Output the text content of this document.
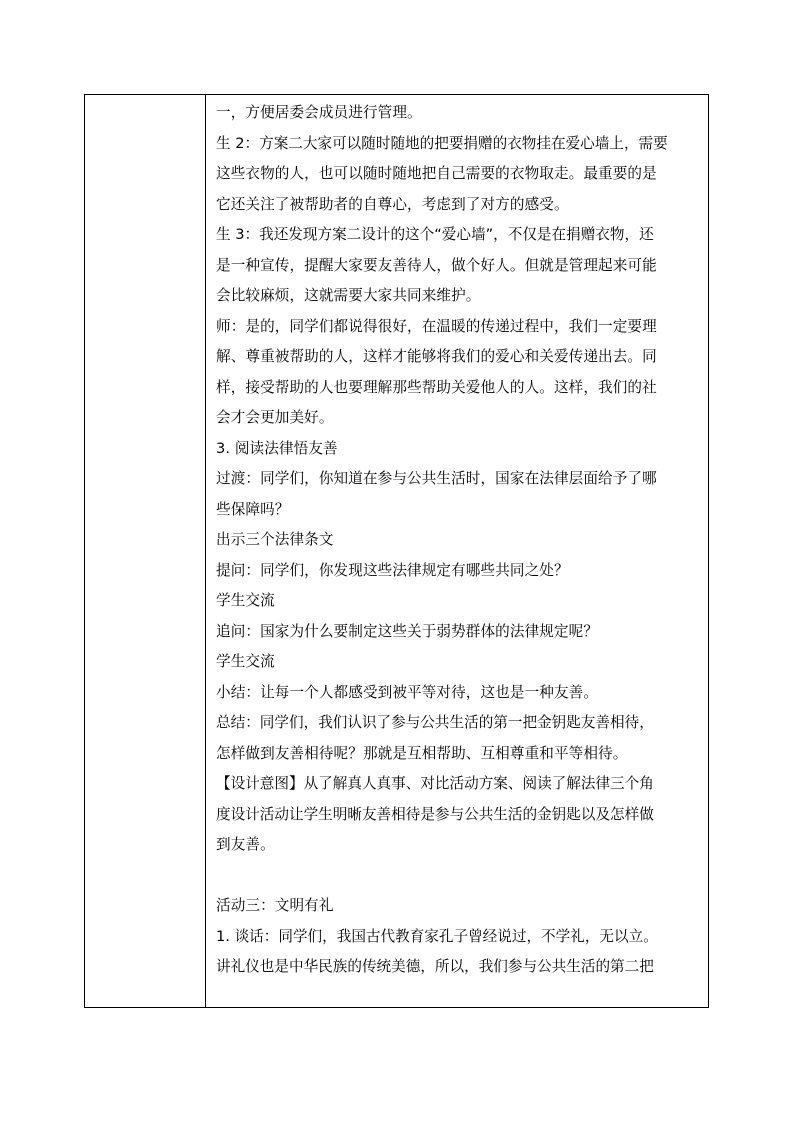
一，方便居委会成员进行管理。
生 2：方案二大家可以随时随地的把要捐赠的衣物挂在爱心墙上，需要
这些衣物的人，也可以随时随地把自己需要的衣物取走。最重要的是
它还关注了被帮助者的自尊心，考虑到了对方的感受。
生 3：我还发现方案二设计的这个“爱心墙”，不仅是在捐赠衣物，还
是一种宣传，提醒大家要友善待人，做个好人。但就是管理起来可能
会比较麻烦，这就需要大家共同来维护。
师：是的，同学们都说得很好，在温暖的传递过程中，我们一定要理
解、尊重被帮助的人，这样才能够将我们的爱心和关爱传递出去。同
样，接受帮助的人也要理解那些帮助关爱他人的人。这样，我们的社
会才会更加美好。
3. 阅读法律悟友善
过渡：同学们，你知道在参与公共生活时，国家在法律层面给予了哪
些保障吗？
出示三个法律条文
提问：同学们，你发现这些法律规定有哪些共同之处？
学生交流
追问：国家为什么要制定这些关于弱势群体的法律规定呢？
学生交流
小结：让每一个人都感受到被平等对待，这也是一种友善。
总结：同学们，我们认识了参与公共生活的第一把金钥匙友善相待，
怎样做到友善相待呢？那就是互相帮助、互相尊重和平等相待。
【设计意图】从了解真人真事、对比活动方案、阅读了解法律三个角
度设计活动让学生明晰友善相待是参与公共生活的金钥匙以及怎样做
到友善。
活动三：文明有礼
1. 谈话：同学们，我国古代教育家孔子曾经说过，不学礼，无以立。
讲礼仪也是中华民族的传统美德，所以，我们参与公共生活的第二把
